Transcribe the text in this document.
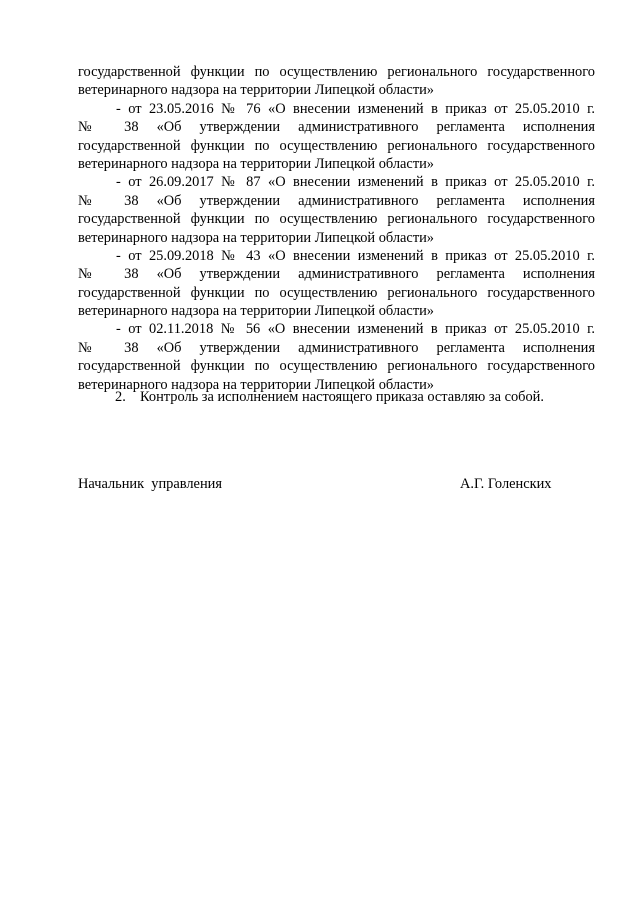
государственной функции по осуществлению регионального государственного
ветеринарного надзора на территории Липецкой области»
- от 23.05.2016 № 76 «О внесении изменений в приказ от 25.05.2010 г.
№ 38 «Об утверждении административного регламента исполнения
государственной функции по осуществлению регионального государственного
ветеринарного надзора на территории Липецкой области»
- от 26.09.2017 № 87 «О внесении изменений в приказ от 25.05.2010 г.
№ 38 «Об утверждении административного регламента исполнения
государственной функции по осуществлению регионального государственного
ветеринарного надзора на территории Липецкой области»
- от 25.09.2018 № 43 «О внесении изменений в приказ от 25.05.2010 г.
№ 38 «Об утверждении административного регламента исполнения
государственной функции по осуществлению регионального государственного
ветеринарного надзора на территории Липецкой области»
- от 02.11.2018 № 56 «О внесении изменений в приказ от 25.05.2010 г.
№ 38 «Об утверждении административного регламента исполнения
государственной функции по осуществлению регионального государственного
ветеринарного надзора на территории Липецкой области»
2. Контроль за исполнением настоящего приказа оставляю за собой.
Начальник  управления	А.Г. Голенских
